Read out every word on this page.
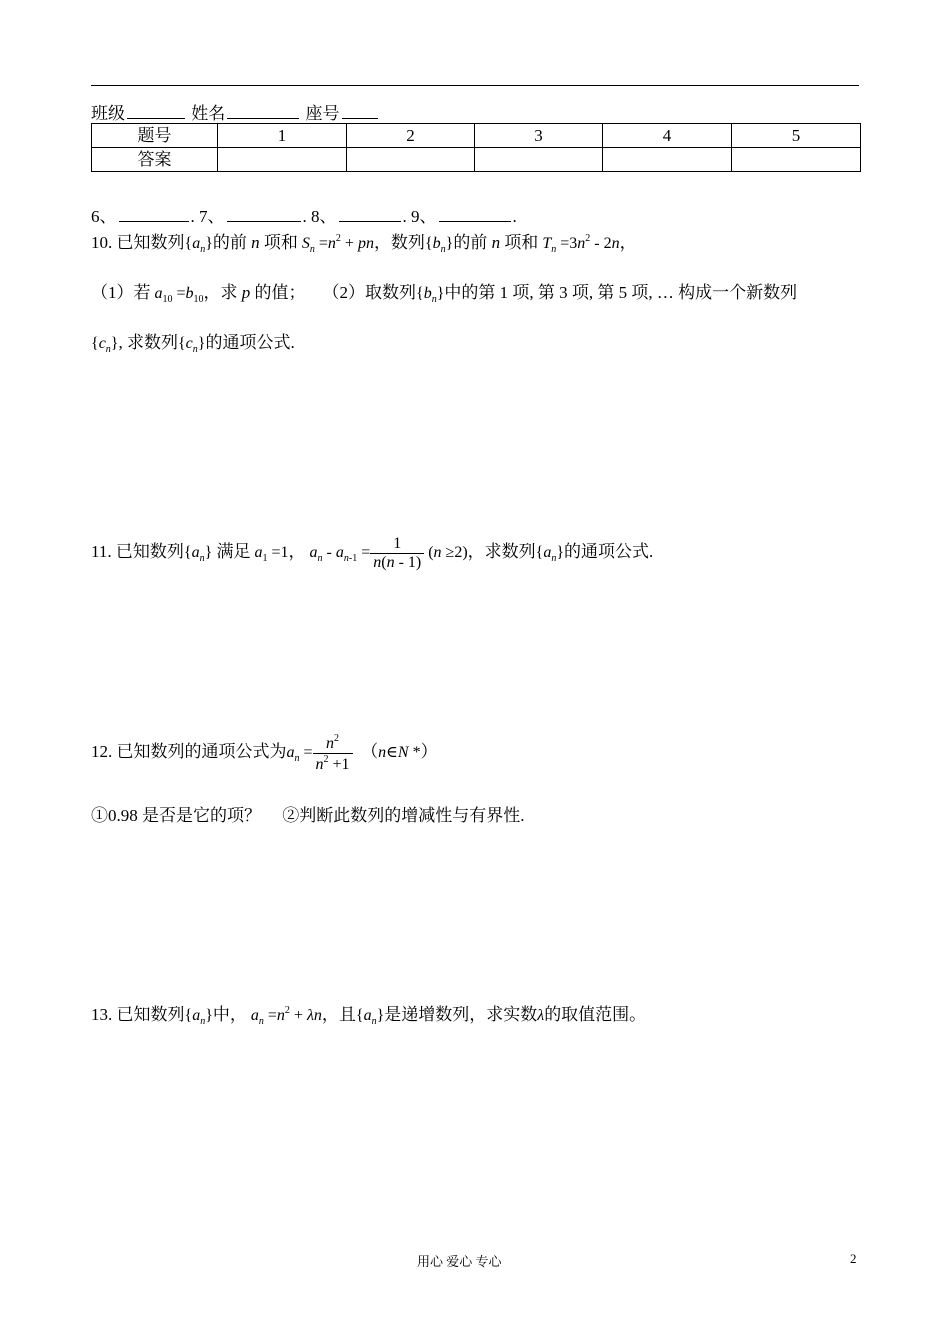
班级	姓名	座号
题号	1	2	3	4	5
答案					
6、	. 7、	. 8、	. 9、	.
10. 已知数列$\{a_n\}$的前 n 项和 $S_n =n^2$ + pn，数列$\{b_n\}$的前 n 项和 $T_n =3n^2 - 2n$，
（1）若 $a_{10} =b_{10}$，求 p 的值； （2）取数列$\{b_n\}$中的第 1 项, 第 3 项, 第 5 项, … 构成一个新数列
$\{c_n\}$, 求数列$\{c_n\}$的通项公式.
11. 已知数列$\{a_n\}$ 满足 $a_1 =1$， $a_n - a_{n-1} = \frac{1}{n(n - 1)} (n \ge 2)$，求数列$\{a_n\}$的通项公式.
12. 已知数列的通项公式为$a_n = \frac{n^2}{n^2 +1}$ （n∈N *）
①0.98 是否是它的项？ ②判断此数列的增减性与有界性.
13. 已知数列$\{a_n\}$中， $a_n =n^2 + \lambda n$，且$\{a_n\}$是递增数列，求实数λ的取值范围。
用心 爱心 专心	2
